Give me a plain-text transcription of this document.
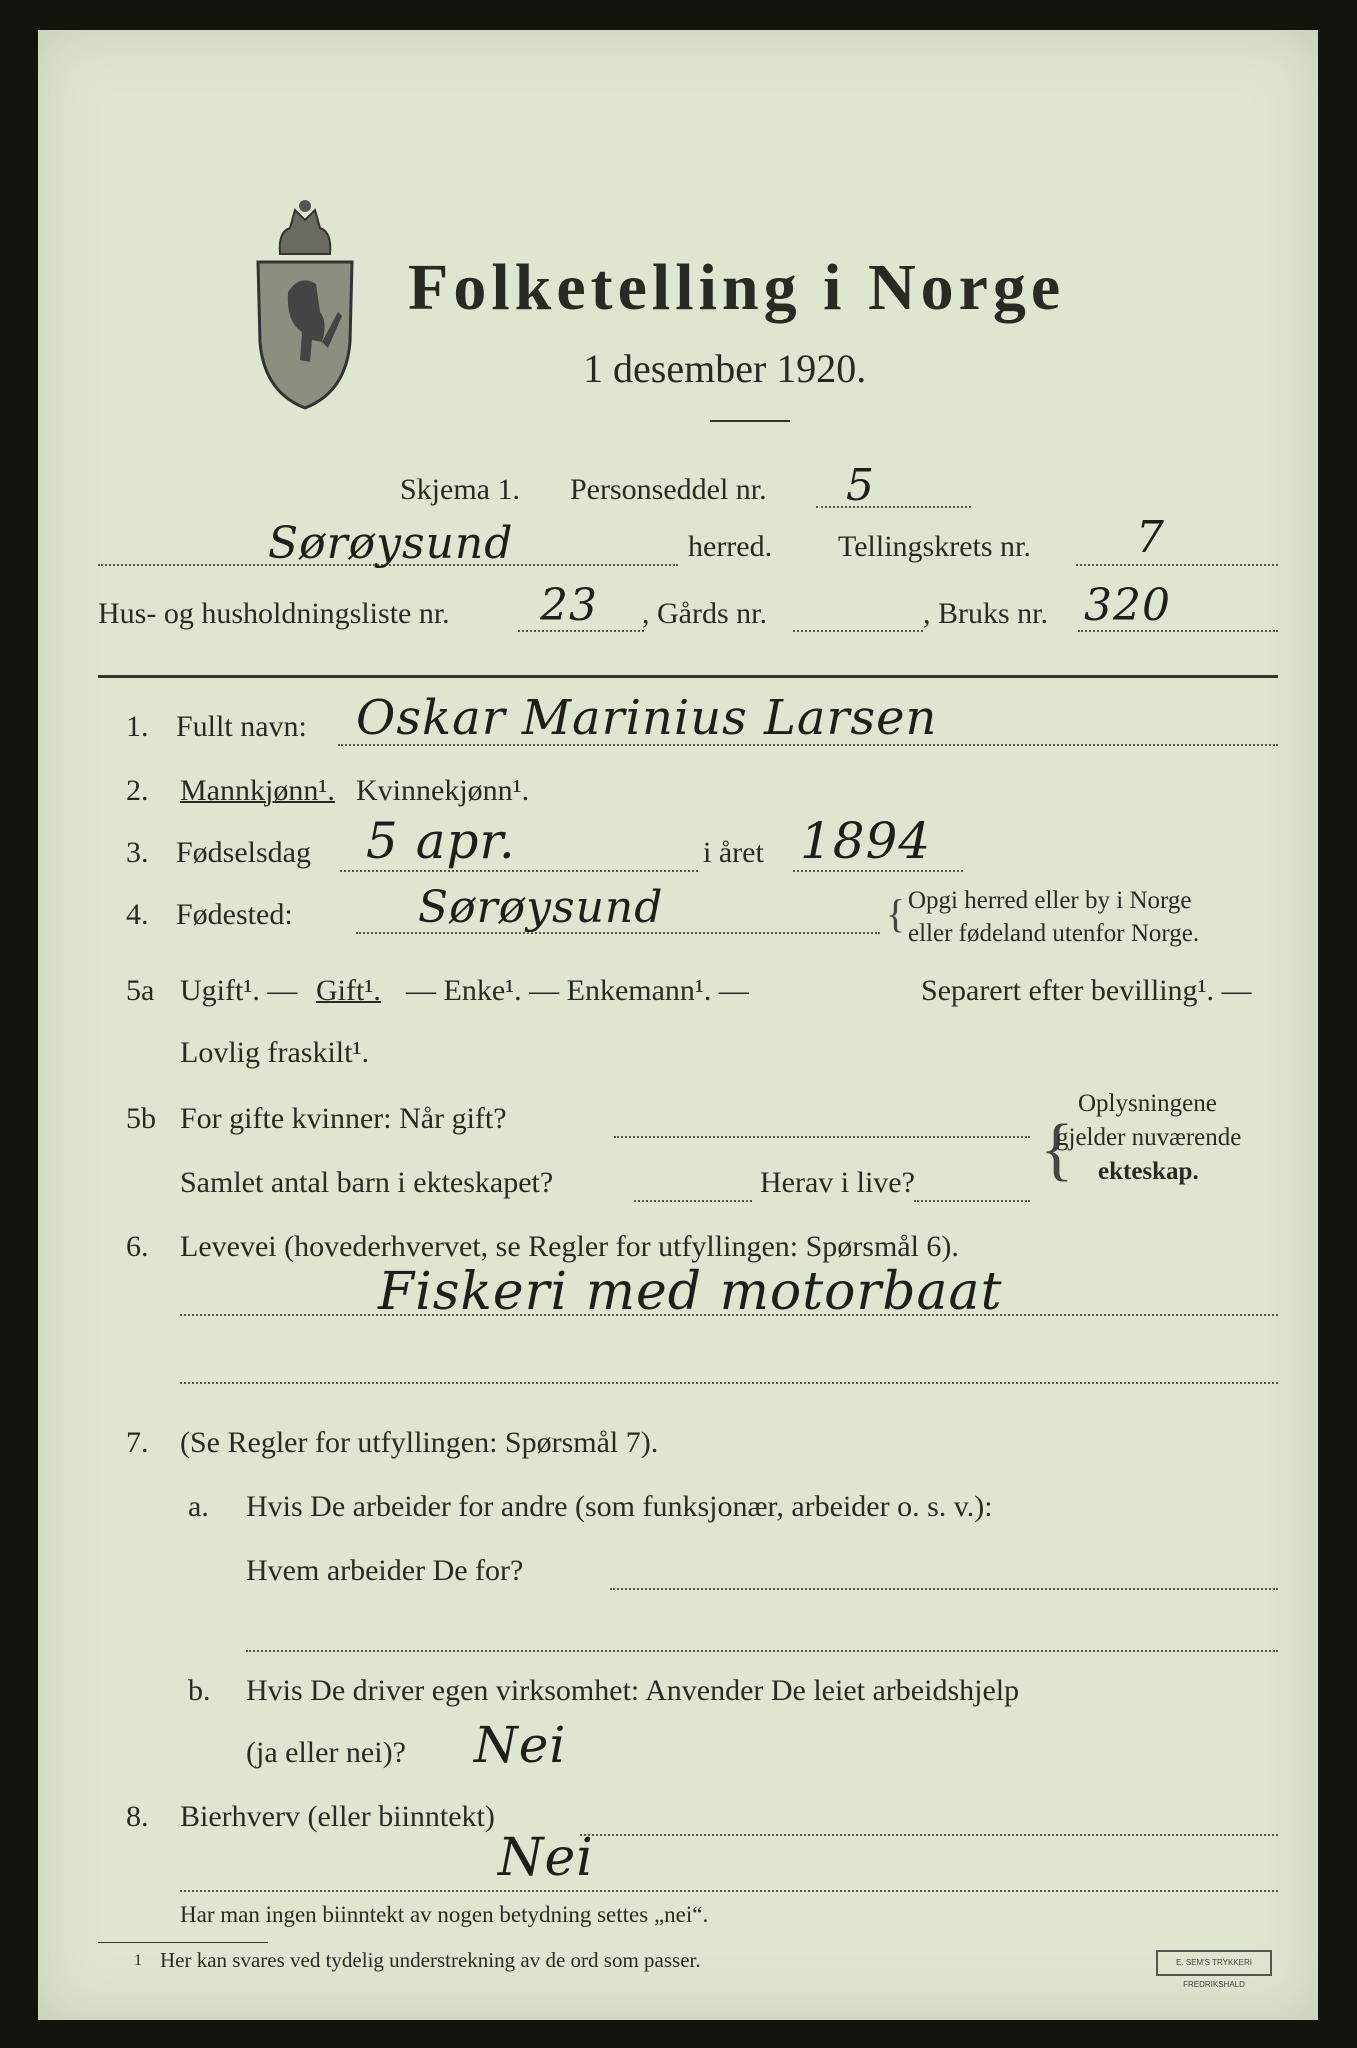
Folketelling i Norge
1 desember 1920.
Skjema 1. Personseddel nr. 5
Sørøysund	herred. Tellingskrets nr. 7
Hus- og husholdningsliste nr. 23 , Gårds nr.	, Bruks nr. 320
1. Fullt navn: Oskar Marinius Larsen
2. Mannkjønn¹. Kvinnekjønn¹.
3. Fødselsdag 5 apr.	i året 1894
4. Fødested:	Sørøysund	{ Opgi herred eller by i Norge
eller fødeland utenfor Norge.
5a Ugift¹. — Gift¹. — Enke¹. — Enkemann¹. —	Separert efter bevilling¹. —
Lovlig fraskilt¹.
5b For gifte kvinner: Når gift?
Samlet antal barn i ekteskapet?	Herav i live? {
Oplysningene
gjelder nuværende
ekteskap.
6. Levevei (hovederhvervet, se Regler for utfyllingen: Spørsmål 6).
Fiskeri med motorbaat
7. (Se Regler for utfyllingen: Spørsmål 7).
a. Hvis De arbeider for andre (som funksjonær, arbeider o. s. v.):
Hvem arbeider De for?
b. Hvis De driver egen virksomhet: Anvender De leiet arbeidshjelp
(ja eller nei)? Nei
8. Bierhverv (eller biinntekt)
Nei
Har man ingen biinntekt av nogen betydning settes „nei“.
1 Her kan svares ved tydelig understrekning av de ord som passer.	E. SEM'S TRYKKERI FREDRIKSHALD
